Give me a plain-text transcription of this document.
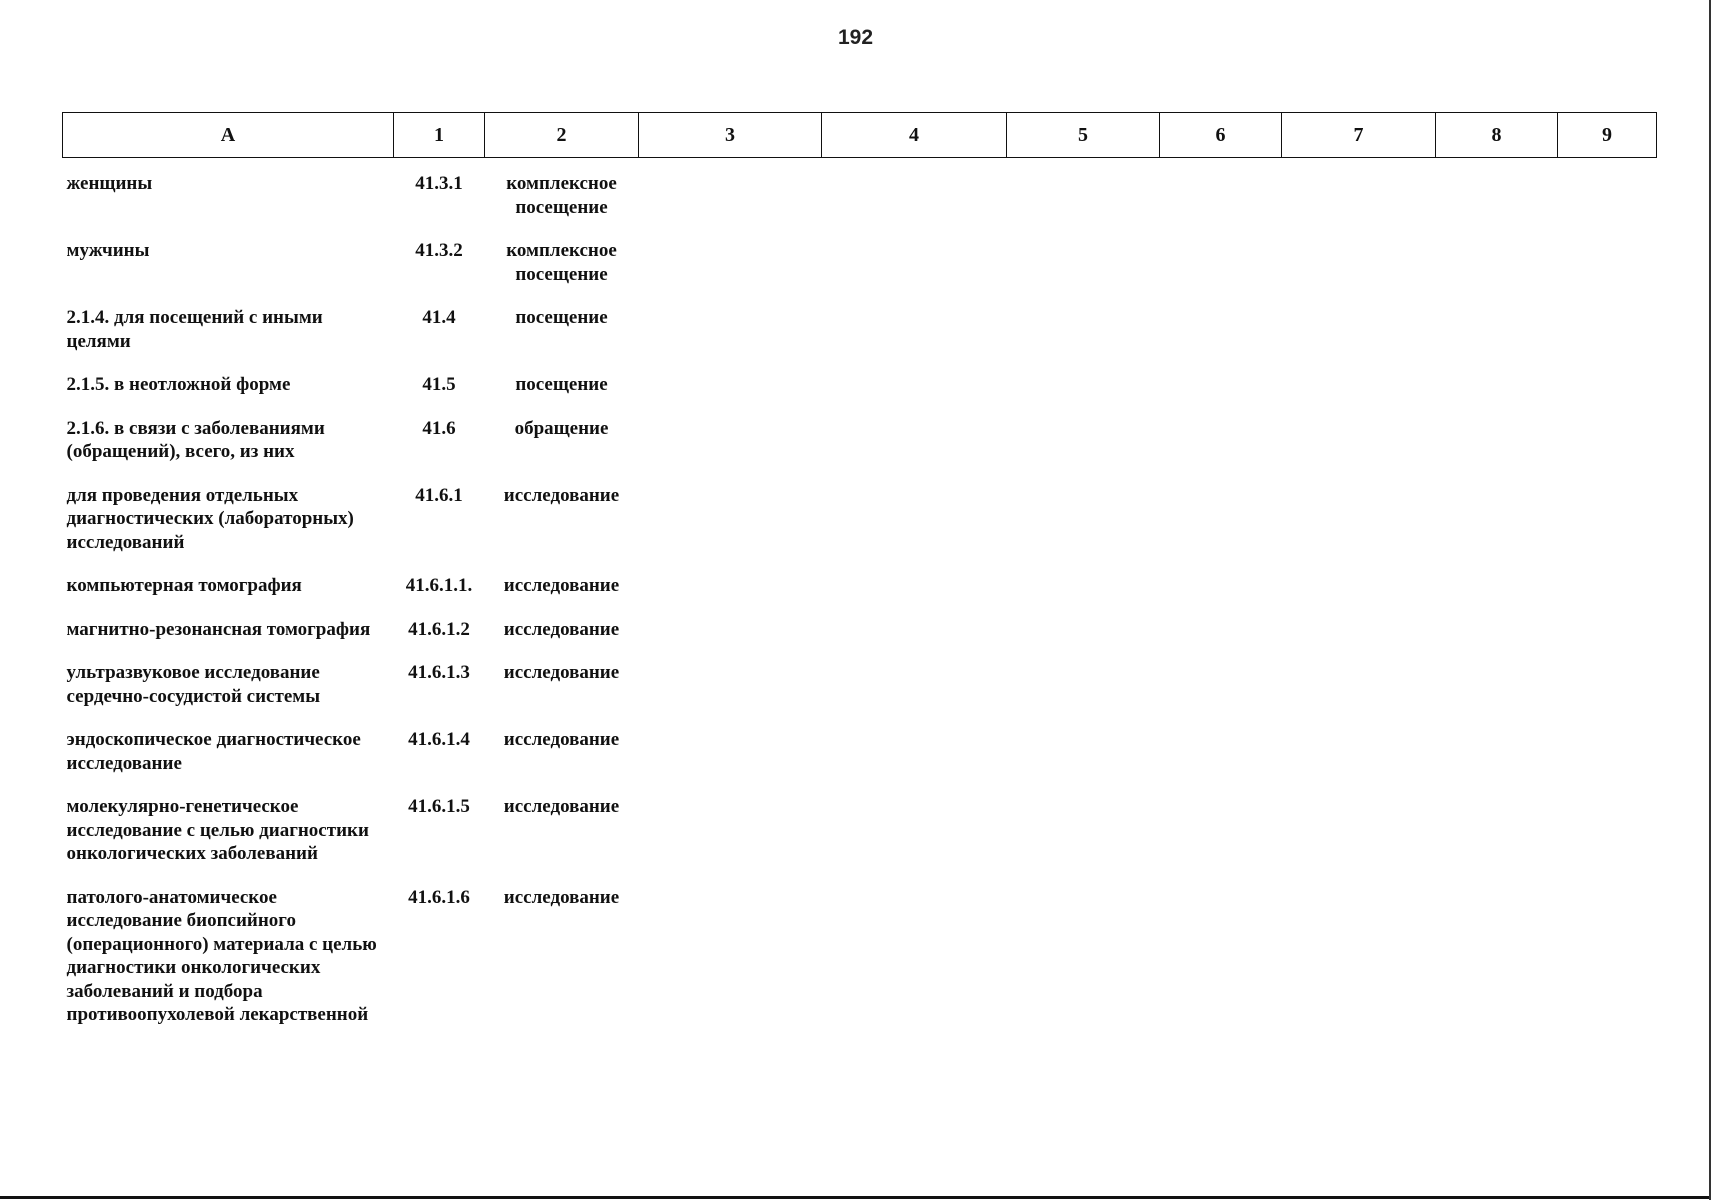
192
А	1	2	3	4	5	6	7	8	9
женщины	41.3.1	комплексное посещение							
мужчины	41.3.2	комплексное посещение							
2.1.4. для посещений с иными целями	41.4	посещение							
2.1.5. в неотложной форме	41.5	посещение							
2.1.6. в связи с заболеваниями (обращений), всего, из них	41.6	обращение							
для проведения отдельных диагностических (лабораторных) исследований	41.6.1	исследование							
компьютерная томография	41.6.1.1.	исследование							
магнитно-резонансная томография	41.6.1.2	исследование							
ультразвуковое исследование сердечно-сосудистой системы	41.6.1.3	исследование							
эндоскопическое диагностическое исследование	41.6.1.4	исследование							
молекулярно-генетическое исследование с целью диагностики онкологических заболеваний	41.6.1.5	исследование							
патолого-анатомическое исследование биопсийного (операционного) материала с целью диагностики онкологических заболеваний и подбора противоопухолевой лекарственной	41.6.1.6	исследование							
